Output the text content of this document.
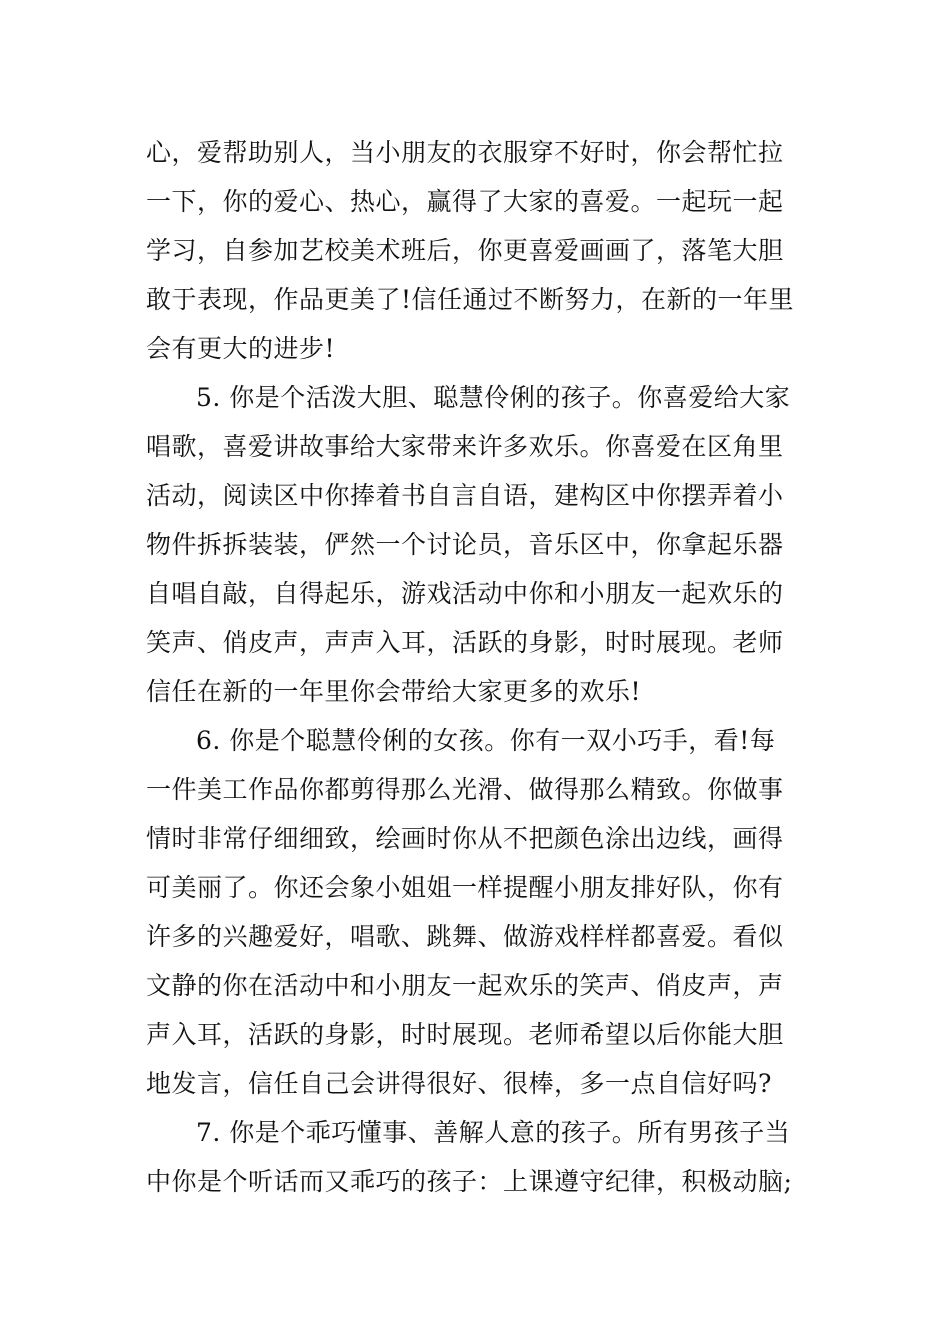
心，爱帮助别人，当小朋友的衣服穿不好时，你会帮忙拉
一下，你的爱心、热心，赢得了大家的喜爱。一起玩一起
学习，自参加艺校美术班后，你更喜爱画画了，落笔大胆
敢于表现，作品更美了!信任通过不断努力，在新的一年里
会有更大的进步!
5. 你是个活泼大胆、聪慧伶俐的孩子。你喜爱给大家
唱歌，喜爱讲故事给大家带来许多欢乐。你喜爱在区角里
活动，阅读区中你捧着书自言自语，建构区中你摆弄着小
物件拆拆装装，俨然一个讨论员，音乐区中，你拿起乐器
自唱自敲，自得起乐，游戏活动中你和小朋友一起欢乐的
笑声、俏皮声，声声入耳，活跃的身影，时时展现。老师
信任在新的一年里你会带给大家更多的欢乐!
6. 你是个聪慧伶俐的女孩。你有一双小巧手，看!每
一件美工作品你都剪得那么光滑、做得那么精致。你做事
情时非常仔细细致，绘画时你从不把颜色涂出边线，画得
可美丽了。你还会象小姐姐一样提醒小朋友排好队，你有
许多的兴趣爱好，唱歌、跳舞、做游戏样样都喜爱。看似
文静的你在活动中和小朋友一起欢乐的笑声、俏皮声，声
声入耳，活跃的身影，时时展现。老师希望以后你能大胆
地发言，信任自己会讲得很好、很棒，多一点自信好吗?
7. 你是个乖巧懂事、善解人意的孩子。所有男孩子当
中你是个听话而又乖巧的孩子：上课遵守纪律，积极动脑;
